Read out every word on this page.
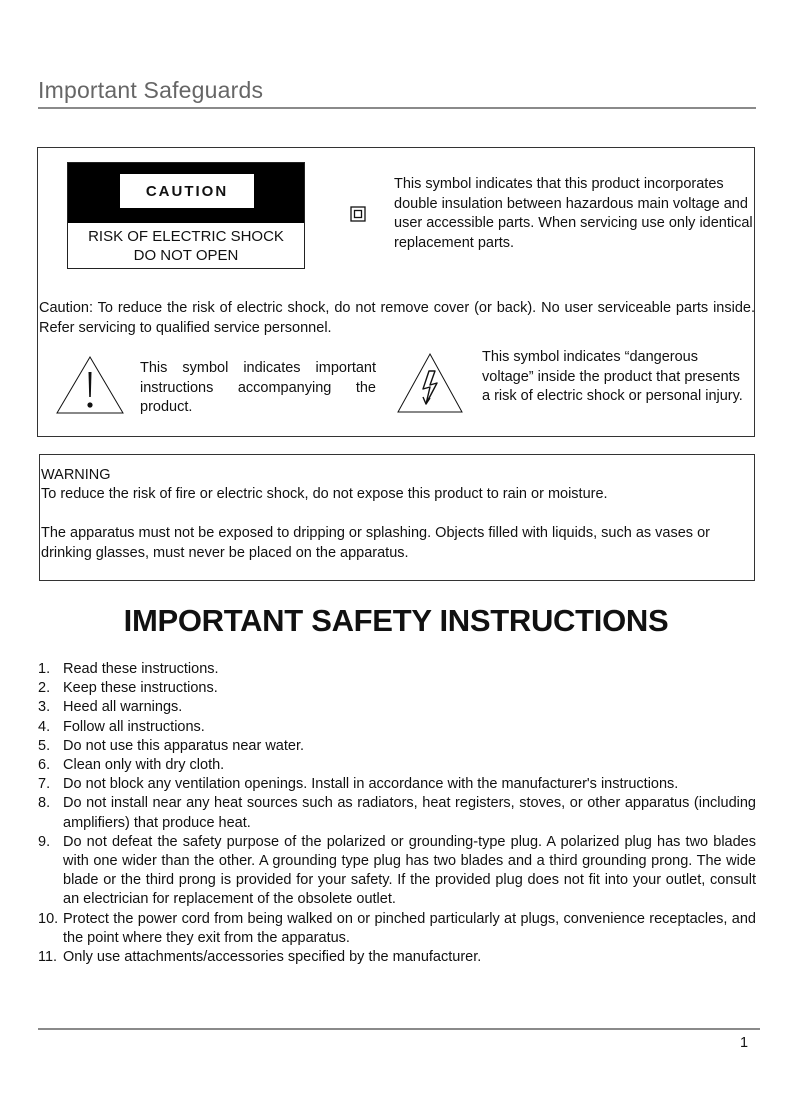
Important Safeguards
CAUTION
RISK OF ELECTRIC SHOCK
DO NOT OPEN
This symbol indicates that this product incorporates double insulation between hazardous main voltage and user accessible parts. When servicing use only identical replacement parts.
Caution: To reduce the risk of electric shock, do not remove cover (or back). No user serviceable parts inside. Refer servicing to qualified service personnel.
This symbol indicates important instructions accompanying the product.
This symbol indicates “dangerous voltage” inside the product that presents a risk of electric shock or personal injury.
WARNING
To reduce the risk of fire or electric shock, do not expose this product to rain or moisture.
The apparatus must not be exposed to dripping or splashing. Objects filled with liquids, such as vases or drinking glasses, must never be placed on the apparatus.
IMPORTANT SAFETY INSTRUCTIONS
1. Read these instructions.
2. Keep these instructions.
3. Heed all warnings.
4. Follow all instructions.
5. Do not use this apparatus near water.
6. Clean only with dry cloth.
7. Do not block any ventilation openings. Install in accordance with the manufacturer's instructions.
8. Do not install near any heat sources such as radiators, heat registers, stoves, or other apparatus (including amplifiers) that produce heat.
9. Do not defeat the safety purpose of the polarized or grounding-type plug. A polarized plug has two blades with one wider than the other. A grounding type plug has two blades and a third grounding prong. The wide blade or the third prong is provided for your safety. If the provided plug does not fit into your outlet, consult an electrician for replacement of the obsolete outlet.
10. Protect the power cord from being walked on or pinched particularly at plugs, convenience receptacles, and the point where they exit from the apparatus.
11. Only use attachments/accessories specified by the manufacturer.
1
